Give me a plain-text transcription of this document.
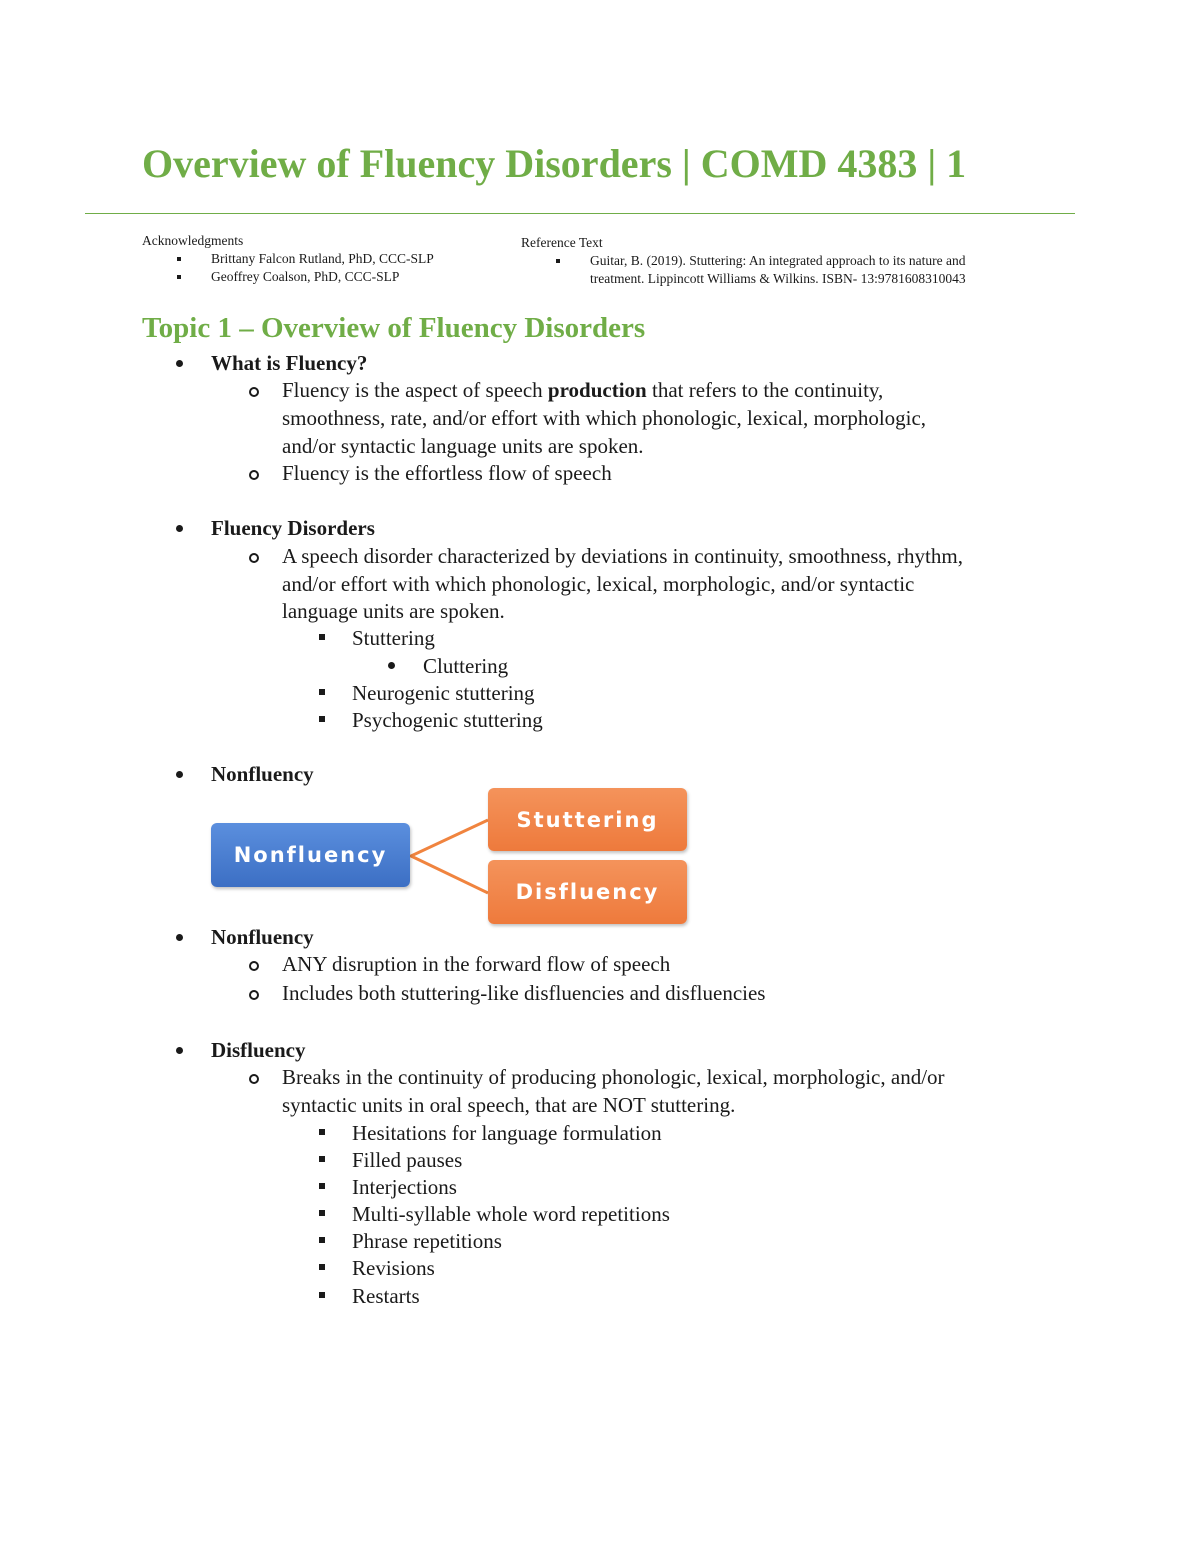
Overview of Fluency Disorders | COMD 4383 | 1
Acknowledgments
Brittany Falcon Rutland, PhD, CCC-SLP
Geoffrey Coalson, PhD, CCC-SLP
Reference Text
Guitar, B. (2019). Stuttering: An integrated approach to its nature and
treatment. Lippincott Williams & Wilkins. ISBN- 13:9781608310043
Topic 1 – Overview of Fluency Disorders
What is Fluency?
Fluency is the aspect of speech production that refers to the continuity,
smoothness, rate, and/or effort with which phonologic, lexical, morphologic,
and/or syntactic language units are spoken.
Fluency is the effortless flow of speech
Fluency Disorders
A speech disorder characterized by deviations in continuity, smoothness, rhythm,
and/or effort with which phonologic, lexical, morphologic, and/or syntactic
language units are spoken.
Stuttering
Cluttering
Neurogenic stuttering
Psychogenic stuttering
Nonfluency
Nonfluency
Stuttering
Disfluency
Nonfluency
ANY disruption in the forward flow of speech
Includes both stuttering-like disfluencies and disfluencies
Disfluency
Breaks in the continuity of producing phonologic, lexical, morphologic, and/or
syntactic units in oral speech, that are NOT stuttering.
Hesitations for language formulation
Filled pauses
Interjections
Multi-syllable whole word repetitions
Phrase repetitions
Revisions
Restarts
